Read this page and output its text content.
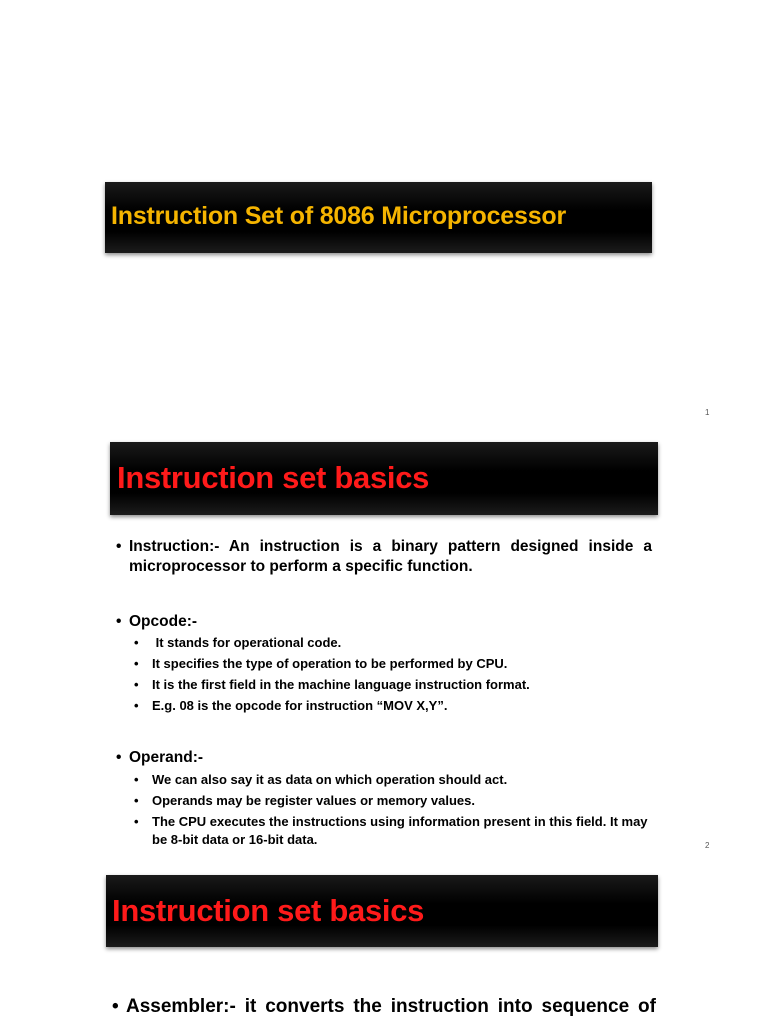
Instruction Set of 8086 Microprocessor
1
Instruction set basics
• Instruction:- An instruction is a binary pattern designed inside a microprocessor to perform a specific function.
• Opcode:-
•	It stands for operational code.
•	It specifies the type of operation to be performed by CPU.
•	It is the first field in the machine language instruction format.
•	E.g. 08 is the opcode for instruction “MOV X,Y”.
• Operand:-
•	We can also say it as data on which operation should act.
•	Operands may be register values or memory values.
•	The CPU executes the instructions using information present in this field. It may be 8-bit data or 16-bit data.	2
Instruction set basics
• Assembler:- it converts the instruction into sequence of
